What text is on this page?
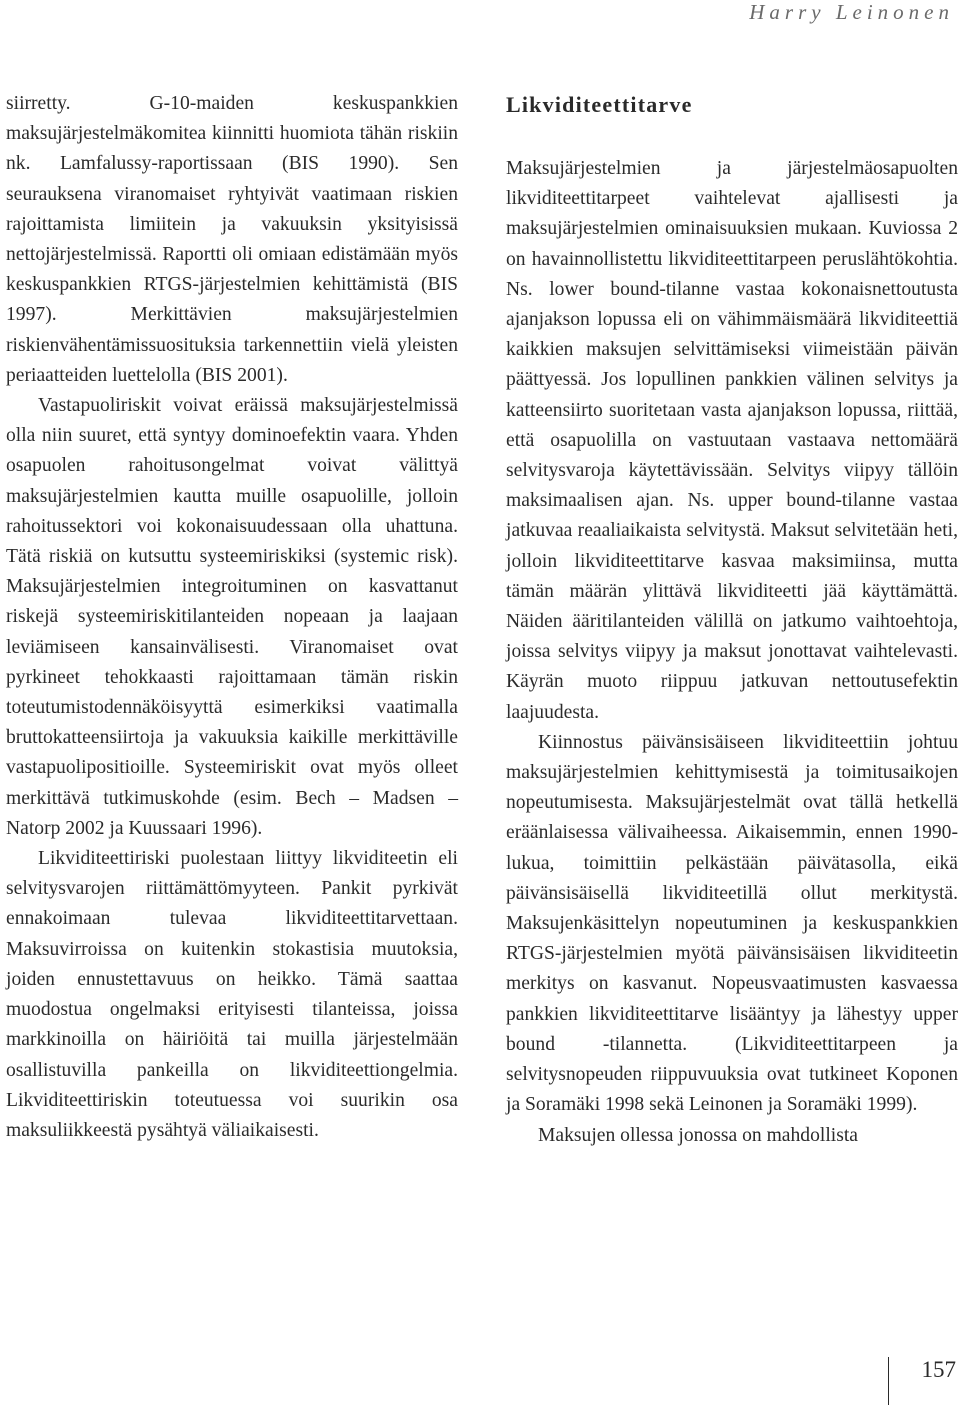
Harry Leinonen

siirretty. G-10-maiden keskuspankkien maksujärjestelmäkomitea kiinnitti huomiota tähän riskiin nk. Lamfalussy-raportissaan (BIS 1990). Sen seurauksena viranomaiset ryhtyivät vaatimaan riskien rajoittamista limiitein ja vakuuksin yksityisissä nettojärjestelmissä. Raportti oli omiaan edistämään myös keskuspankkien RTGS-järjestelmien kehittämistä (BIS 1997). Merkittävien maksujärjestelmien riskienvähentämissuosituksia tarkennettiin vielä yleisten periaatteiden luettelolla (BIS 2001).

Vastapuoliriskit voivat eräissä maksujärjestelmissä olla niin suuret, että syntyy dominoefektin vaara. Yhden osapuolen rahoitusongelmat voivat välittyä maksujärjestelmien kautta muille osapuolille, jolloin rahoitussektori voi kokonaisuudessaan olla uhattuna. Tätä riskiä on kutsuttu systeemiriskiksi (systemic risk). Maksujärjestelmien integroituminen on kasvattanut riskejä systeemiriskitilanteiden nopeaan ja laajaan leviämiseen kansainvälisesti. Viranomaiset ovat pyrkineet tehokkaasti rajoittamaan tämän riskin toteutumistodennäköisyyttä esimerkiksi vaatimalla bruttokatteensiirtoja ja vakuuksia kaikille merkittäville vastapuolipositioille. Systeemiriskit ovat myös olleet merkittävä tutkimuskohde (esim. Bech – Madsen – Natorp 2002 ja Kuussaari 1996).

Likviditeettiriski puolestaan liittyy likviditeetin eli selvitysvarojen riittämättömyyteen. Pankit pyrkivät ennakoimaan tulevaa likviditeettitarvettaan. Maksuvirroissa on kuitenkin stokastisia muutoksia, joiden ennustettavuus on heikko. Tämä saattaa muodostua ongelmaksi erityisesti tilanteissa, joissa markkinoilla on häiriöitä tai muilla järjestelmään osallistuvilla pankeilla on likviditeettiongelmia. Likviditeettiriskin toteutuessa voi suurikin osa maksuliikkeestä pysähtyä väliaikaisesti.

Likviditeettitarve

Maksujärjestelmien ja järjestelmäosapuolten likviditeettitarpeet vaihtelevat ajallisesti ja maksujärjestelmien ominaisuuksien mukaan. Kuviossa 2 on havainnollistettu likviditeettitarpeen peruslähtökohtia. Ns. lower bound-tilanne vastaa kokonaisnettoutusta ajanjakson lopussa eli on vähimmäismäärä likviditeettiä kaikkien maksujen selvittämiseksi viimeistään päivän päättyessä. Jos lopullinen pankkien välinen selvitys ja katteensiirto suoritetaan vasta ajanjakson lopussa, riittää, että osapuolilla on vastuutaan vastaava nettomäärä selvitysvaroja käytettävissään. Selvitys viipyy tällöin maksimaalisen ajan. Ns. upper bound-tilanne vastaa jatkuvaa reaaliaikaista selvitystä. Maksut selvitetään heti, jolloin likviditeettitarve kasvaa maksimiinsa, mutta tämän määrän ylittävä likviditeetti jää käyttämättä. Näiden ääritilanteiden välillä on jatkumo vaihtoehtoja, joissa selvitys viipyy ja maksut jonottavat vaihtelevasti. Käyrän muoto riippuu jatkuvan nettoutusefektin laajuudesta.

Kiinnostus päivänsisäiseen likviditeettiin johtuu maksujärjestelmien kehittymisestä ja toimitusaikojen nopeutumisesta. Maksujärjestelmät ovat tällä hetkellä eräänlaisessa välivaiheessa. Aikaisemmin, ennen 1990-lukua, toimittiin pelkästään päivätasolla, eikä päivänsisäisellä likviditeetillä ollut merkitystä. Maksujenkäsittelyn nopeutuminen ja keskuspankkien RTGS-järjestelmien myötä päivänsisäisen likviditeetin merkitys on kasvanut. Nopeusvaatimusten kasvaessa pankkien likviditeettitarve lisääntyy ja lähestyy upper bound -tilannetta. (Likviditeettitarpeen ja selvitysnopeuden riippuvuuksia ovat tutkineet Koponen ja Soramäki 1998 sekä Leinonen ja Soramäki 1999).

Maksujen ollessa jonossa on mahdollista

157
